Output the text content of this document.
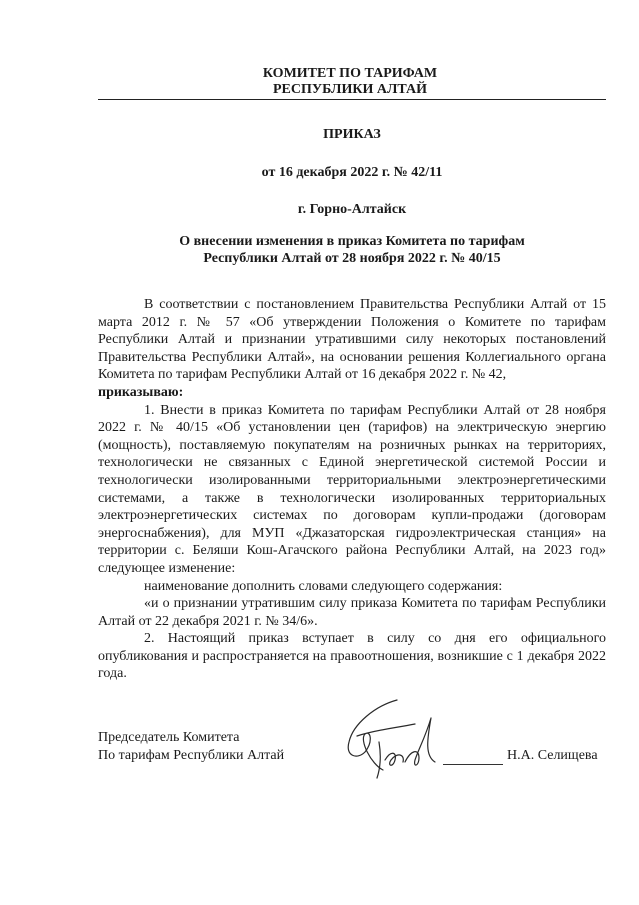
КОМИТЕТ ПО ТАРИФАМ
РЕСПУБЛИКИ АЛТАЙ
ПРИКАЗ
от 16 декабря 2022 г. № 42/11
г. Горно-Алтайск
О внесении изменения в приказ Комитета по тарифам
Республики Алтай от 28 ноября 2022 г. № 40/15

В соответствии с постановлением Правительства Республики Алтай от 15 марта 2012 г. № 57 «Об утверждении Положения о Комитете по тарифам Республики Алтай и признании утратившими силу некоторых постановлений Правительства Республики Алтай», на основании решения Коллегиального органа Комитета по тарифам Республики Алтай от 16 декабря 2022 г. № 42,
приказываю:

1. Внести в приказ Комитета по тарифам Республики Алтай от 28 ноября 2022 г. № 40/15 «Об установлении цен (тарифов) на электрическую энергию (мощность), поставляемую покупателям на розничных рынках на территориях, технологически не связанных с Единой энергетической системой России и технологически изолированными территориальными электроэнергетическими системами, а также в технологически изолированных территориальных электроэнергетических системах по договорам купли-продажи (договорам энергоснабжения), для МУП «Джазаторская гидроэлектрическая станция» на территории с. Беляши Кош-Агачского района Республики Алтай, на 2023 год» следующее изменение:

наименование дополнить словами следующего содержания:

«и о признании утратившим силу приказа Комитета по тарифам Республики Алтай от 22 декабря 2021 г. № 34/6».

2. Настоящий приказ вступает в силу со дня его официального опубликования и распространяется на правоотношения, возникшие с 1 декабря 2022 года.

Председатель Комитета
По тарифам Республики Алтай	Н.А. Селищева
